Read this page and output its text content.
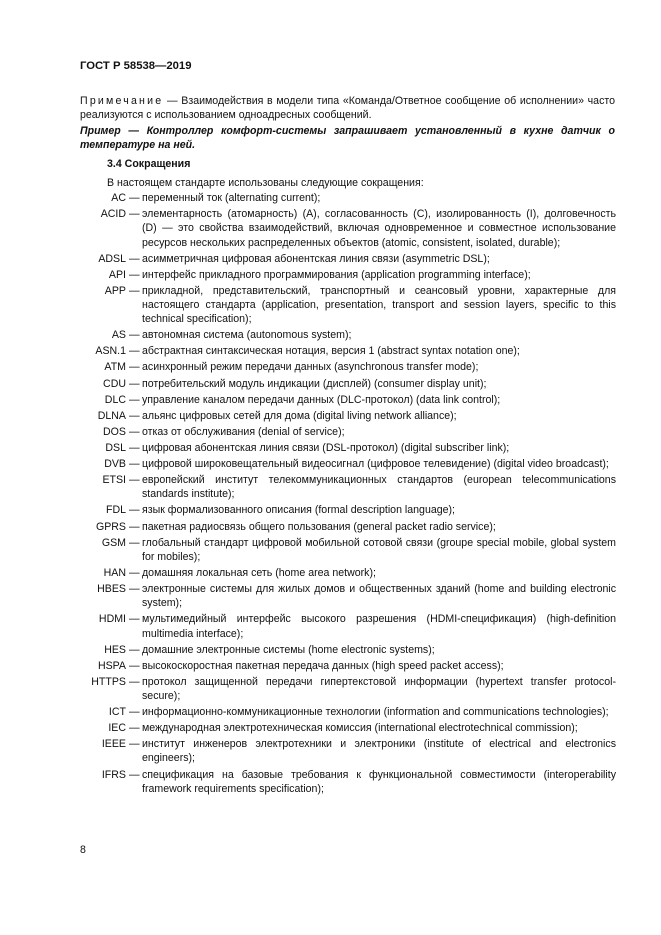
ГОСТ Р 58538—2019
Примечание — Взаимодействия в модели типа «Команда/Ответное сообщение об исполнении» часто реализуются с использованием одноадресных сообщений.
Пример — Контроллер комфорт-системы запрашивает установленный в кухне датчик о температуре на ней.
3.4 Сокращения
В настоящем стандарте использованы следующие сокращения:
AC — переменный ток (alternating current);
ACID — элементарность (атомарность) (A), согласованность (C), изолированность (I), долговечность (D) — это свойства взаимодействий, включая одновременное и совместное использование ресурсов нескольких распределенных объектов (atomic, consistent, isolated, durable);
ADSL — асимметричная цифровая абонентская линия связи (asymmetric DSL);
API — интерфейс прикладного программирования (application programming interface);
APP — прикладной, представительский, транспортный и сеансовый уровни, характерные для настоящего стандарта (application, presentation, transport and session layers, specific to this technical specification);
AS — автономная система (autonomous system);
ASN.1 — абстрактная синтаксическая нотация, версия 1 (abstract syntax notation one);
ATM — асинхронный режим передачи данных (asynchronous transfer mode);
CDU — потребительский модуль индикации (дисплей) (consumer display unit);
DLC — управление каналом передачи данных (DLC-протокол) (data link control);
DLNA — альянс цифровых сетей для дома (digital living network alliance);
DOS — отказ от обслуживания (denial of service);
DSL — цифровая абонентская линия связи (DSL-протокол) (digital subscriber link);
DVB — цифровой широковещательный видеосигнал (цифровое телевидение) (digital video broadcast);
ETSI — европейский институт телекоммуникационных стандартов (european telecommunications standards institute);
FDL — язык формализованного описания (formal description language);
GPRS — пакетная радиосвязь общего пользования (general packet radio service);
GSM — глобальный стандарт цифровой мобильной сотовой связи (groupe special mobile, global system for mobiles);
HAN — домашняя локальная сеть (home area network);
HBES — электронные системы для жилых домов и общественных зданий (home and building electronic system);
HDMI — мультимедийный интерфейс высокого разрешения (HDMI-спецификация) (high-definition multimedia interface);
HES — домашние электронные системы (home electronic systems);
HSPA — высокоскоростная пакетная передача данных (high speed packet access);
HTTPS — протокол защищенной передачи гипертекстовой информации (hypertext transfer protocol-secure);
ICT — информационно-коммуникационные технологии (information and communications technologies);
IEC — международная электротехническая комиссия (international electrotechnical commission);
IEEE — институт инженеров электротехники и электроники (institute of electrical and electronics engineers);
IFRS — спецификация на базовые требования к функциональной совместимости (interoperability framework requirements specification);
8
